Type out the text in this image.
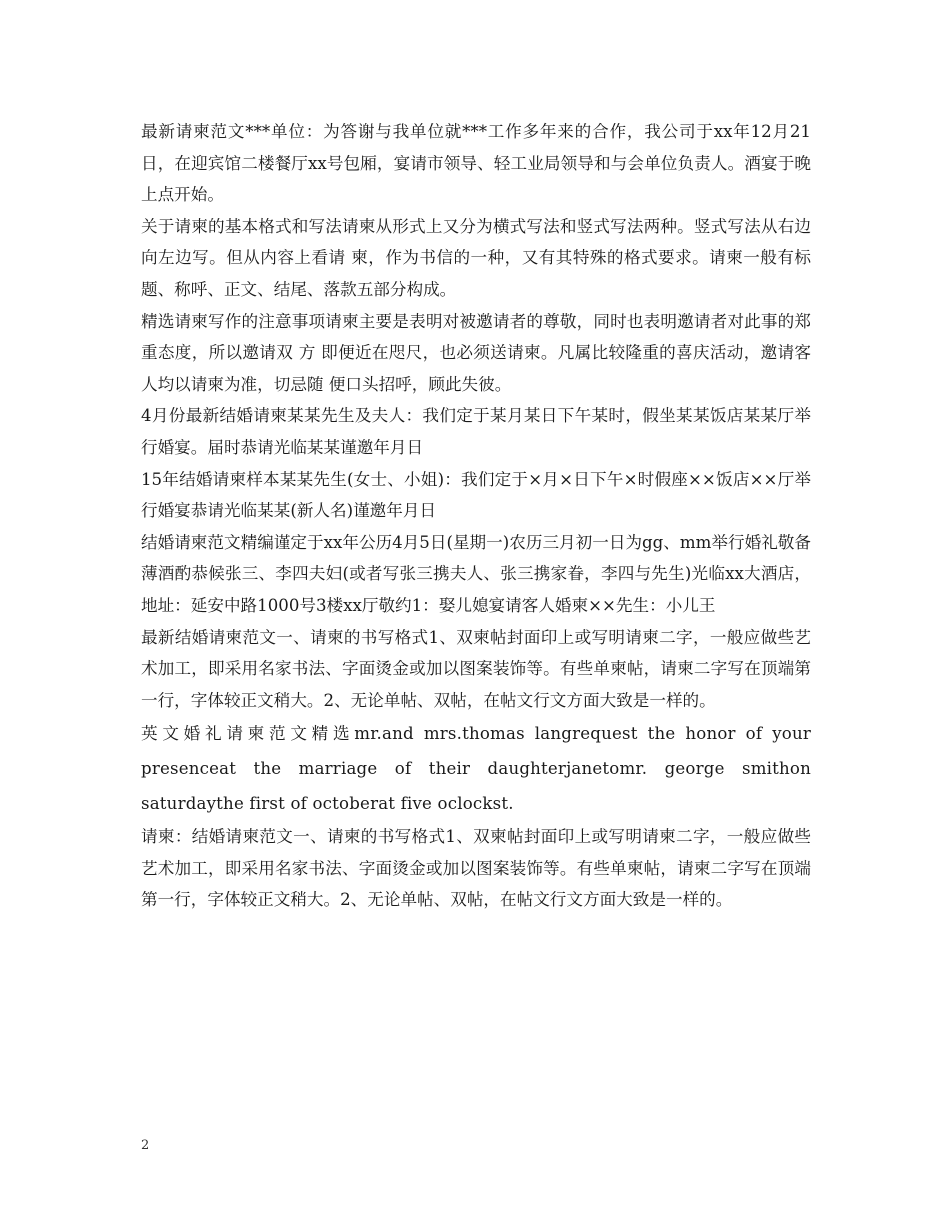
最新请柬范文***单位：为答谢与我单位就***工作多年来的合作，我公司于xx年12月21日，在迎宾馆二楼餐厅xx号包厢，宴请市领导、轻工业局领导和与会单位负责人。酒宴于晚上点开始。

关于请柬的基本格式和写法请柬从形式上又分为横式写法和竖式写法两种。竖式写法从右边向左边写。但从内容上看请 柬，作为书信的一种，又有其特殊的格式要求。请柬一般有标题、称呼、正文、结尾、落款五部分构成。

精选请柬写作的注意事项请柬主要是表明对被邀请者的尊敬，同时也表明邀请者对此事的郑重态度，所以邀请双 方 即便近在咫尺，也必须送请柬。凡属比较隆重的喜庆活动，邀请客人均以请柬为准，切忌随 便口头招呼，顾此失彼。

4月份最新结婚请柬某某先生及夫人：我们定于某月某日下午某时，假坐某某饭店某某厅举行婚宴。届时恭请光临某某谨邀年月日

15年结婚请柬样本某某先生(女士、小姐)：我们定于×月×日下午×时假座××饭店××厅举行婚宴恭请光临某某(新人名)谨邀年月日

结婚请柬范文精编谨定于xx年公历4月5日(星期一)农历三月初一日为gg、mm举行婚礼敬备薄酒酌恭候张三、李四夫妇(或者写张三携夫人、张三携家眷，李四与先生)光临xx大酒店，地址：延安中路1000号3楼xx厅敬约1：娶儿媳宴请客人婚柬××先生：小儿王

最新结婚请柬范文一、请柬的书写格式1、双柬帖封面印上或写明请柬二字，一般应做些艺术加工，即采用名家书法、字面烫金或加以图案装饰等。有些单柬帖，请柬二字写在顶端第一行，字体较正文稍大。2、无论单帖、双帖，在帖文行文方面大致是一样的。

英文婚礼请柬范文精选mr.and mrs.thomas langrequest the honor of your presenceat the marriage of their daughterjanetomr. george smithon saturdaythe first of octoberat five oclockst.

请柬：结婚请柬范文一、请柬的书写格式1、双柬帖封面印上或写明请柬二字，一般应做些艺术加工，即采用名家书法、字面烫金或加以图案装饰等。有些单柬帖，请柬二字写在顶端第一行，字体较正文稍大。2、无论单帖、双帖，在帖文行文方面大致是一样的。

2
